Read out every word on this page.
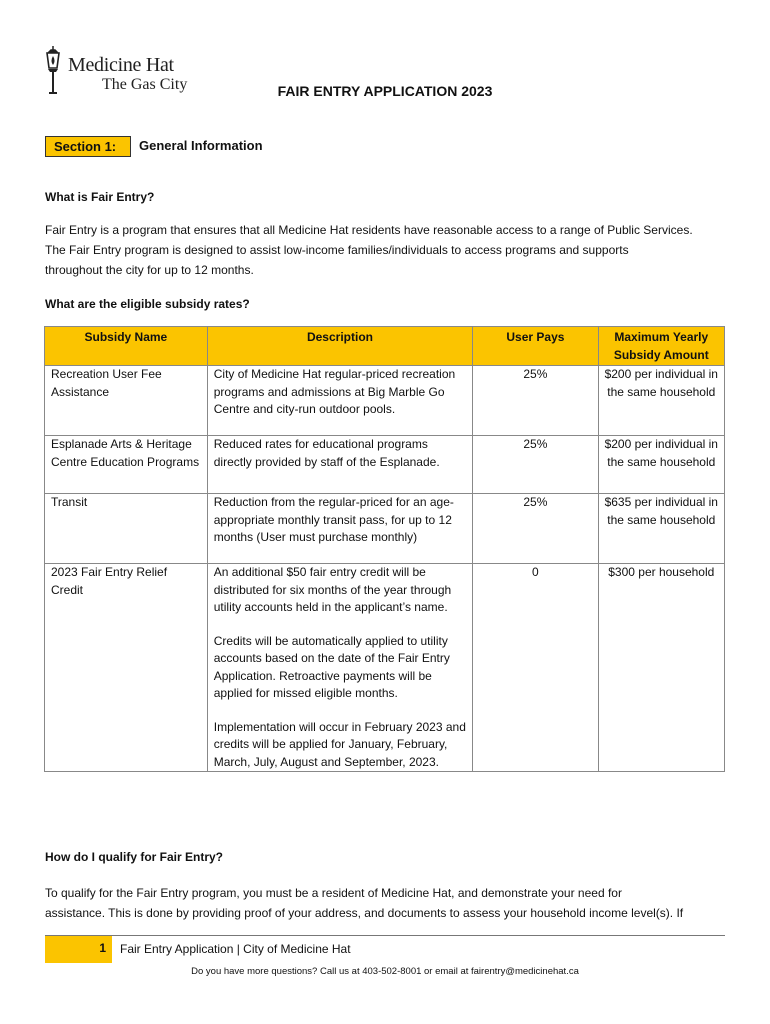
Medicine Hat
The Gas City	FAIR ENTRY APPLICATION 2023
Section 1:	General Information
What is Fair Entry?
Fair Entry is a program that ensures that all Medicine Hat residents have reasonable access to a range of Public Services.
The Fair Entry program is designed to assist low-income families/individuals to access programs and supports
throughout the city for up to 12 months.
What are the eligible subsidy rates?
Subsidy Name	Description	User Pays	Maximum Yearly Subsidy Amount
Recreation User Fee Assistance	City of Medicine Hat regular-priced recreation programs and admissions at Big Marble Go Centre and city-run outdoor pools.	25%	$200 per individual in the same household
Esplanade Arts & Heritage Centre Education Programs	Reduced rates for educational programs directly provided by staff of the Esplanade.	25%	$200 per individual in the same household
Transit	Reduction from the regular-priced for an age-appropriate monthly transit pass, for up to 12 months (User must purchase monthly)	25%	$635 per individual in the same household
2023 Fair Entry Relief Credit	An additional $50 fair entry credit will be distributed for six months of the year through utility accounts held in the applicant’s name.
Credits will be automatically applied to utility accounts based on the date of the Fair Entry Application. Retroactive payments will be applied for missed eligible months.
Implementation will occur in February 2023 and credits will be applied for January, February, March, July, August and September, 2023.	0	$300 per household
How do I qualify for Fair Entry?
To qualify for the Fair Entry program, you must be a resident of Medicine Hat, and demonstrate your need for
assistance. This is done by providing proof of your address, and documents to assess your household income level(s). If
1	Fair Entry Application | City of Medicine Hat
Do you have more questions? Call us at 403-502-8001 or email at fairentry@medicinehat.ca
